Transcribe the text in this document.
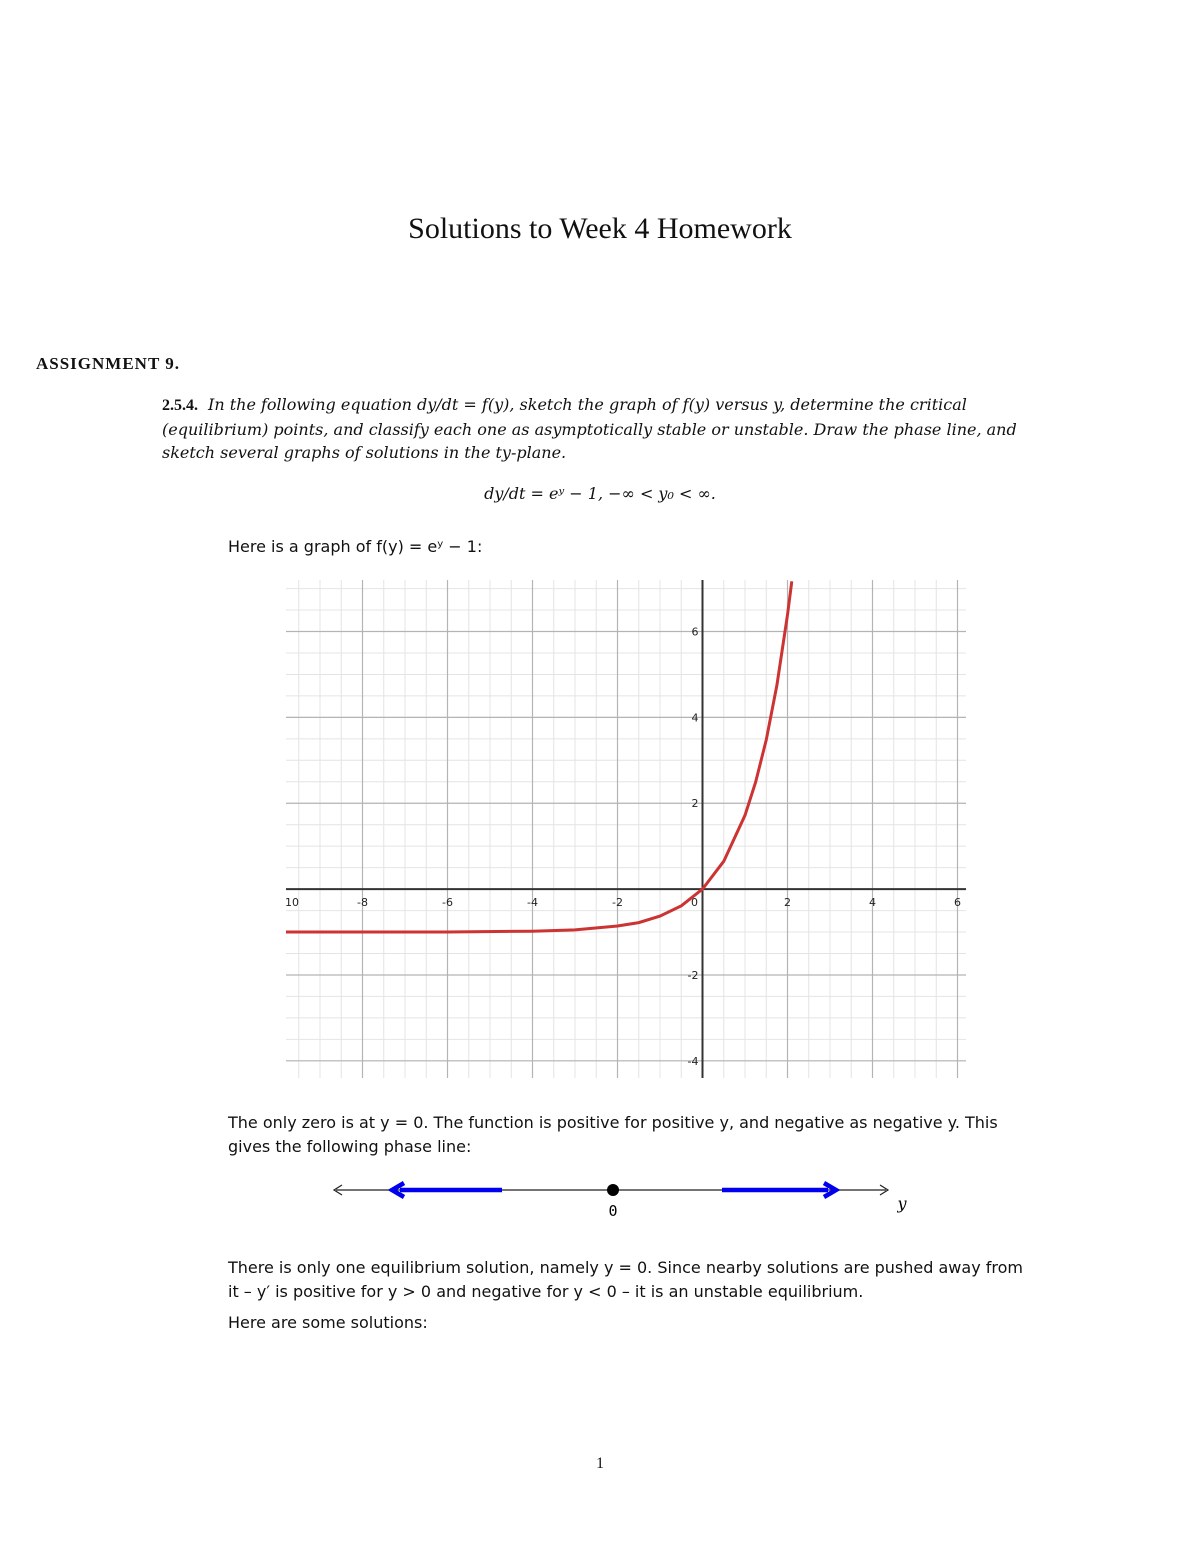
Solutions to Week 4 Homework
ASSIGNMENT 9.
2.5.4. In the following equation dy/dt = f(y), sketch the graph of f(y) versus y, determine the critical (equilibrium) points, and classify each one as asymptotically stable or unstable. Draw the phase line, and sketch several graphs of solutions in the ty-plane.
dy/dt = eʸ − 1, −∞ < y₀ < ∞.
Here is a graph of f(y) = eʸ − 1:
10	-8	-6	-4	-2	2	4	6
0
-4
-2
2
4
6
The only zero is at y = 0. The function is positive for positive y, and negative as negative y. This gives the following phase line:
0	y
There is only one equilibrium solution, namely y = 0. Since nearby solutions are pushed away from it – y′ is positive for y > 0 and negative for y < 0 – it is an unstable equilibrium.
Here are some solutions:
1
